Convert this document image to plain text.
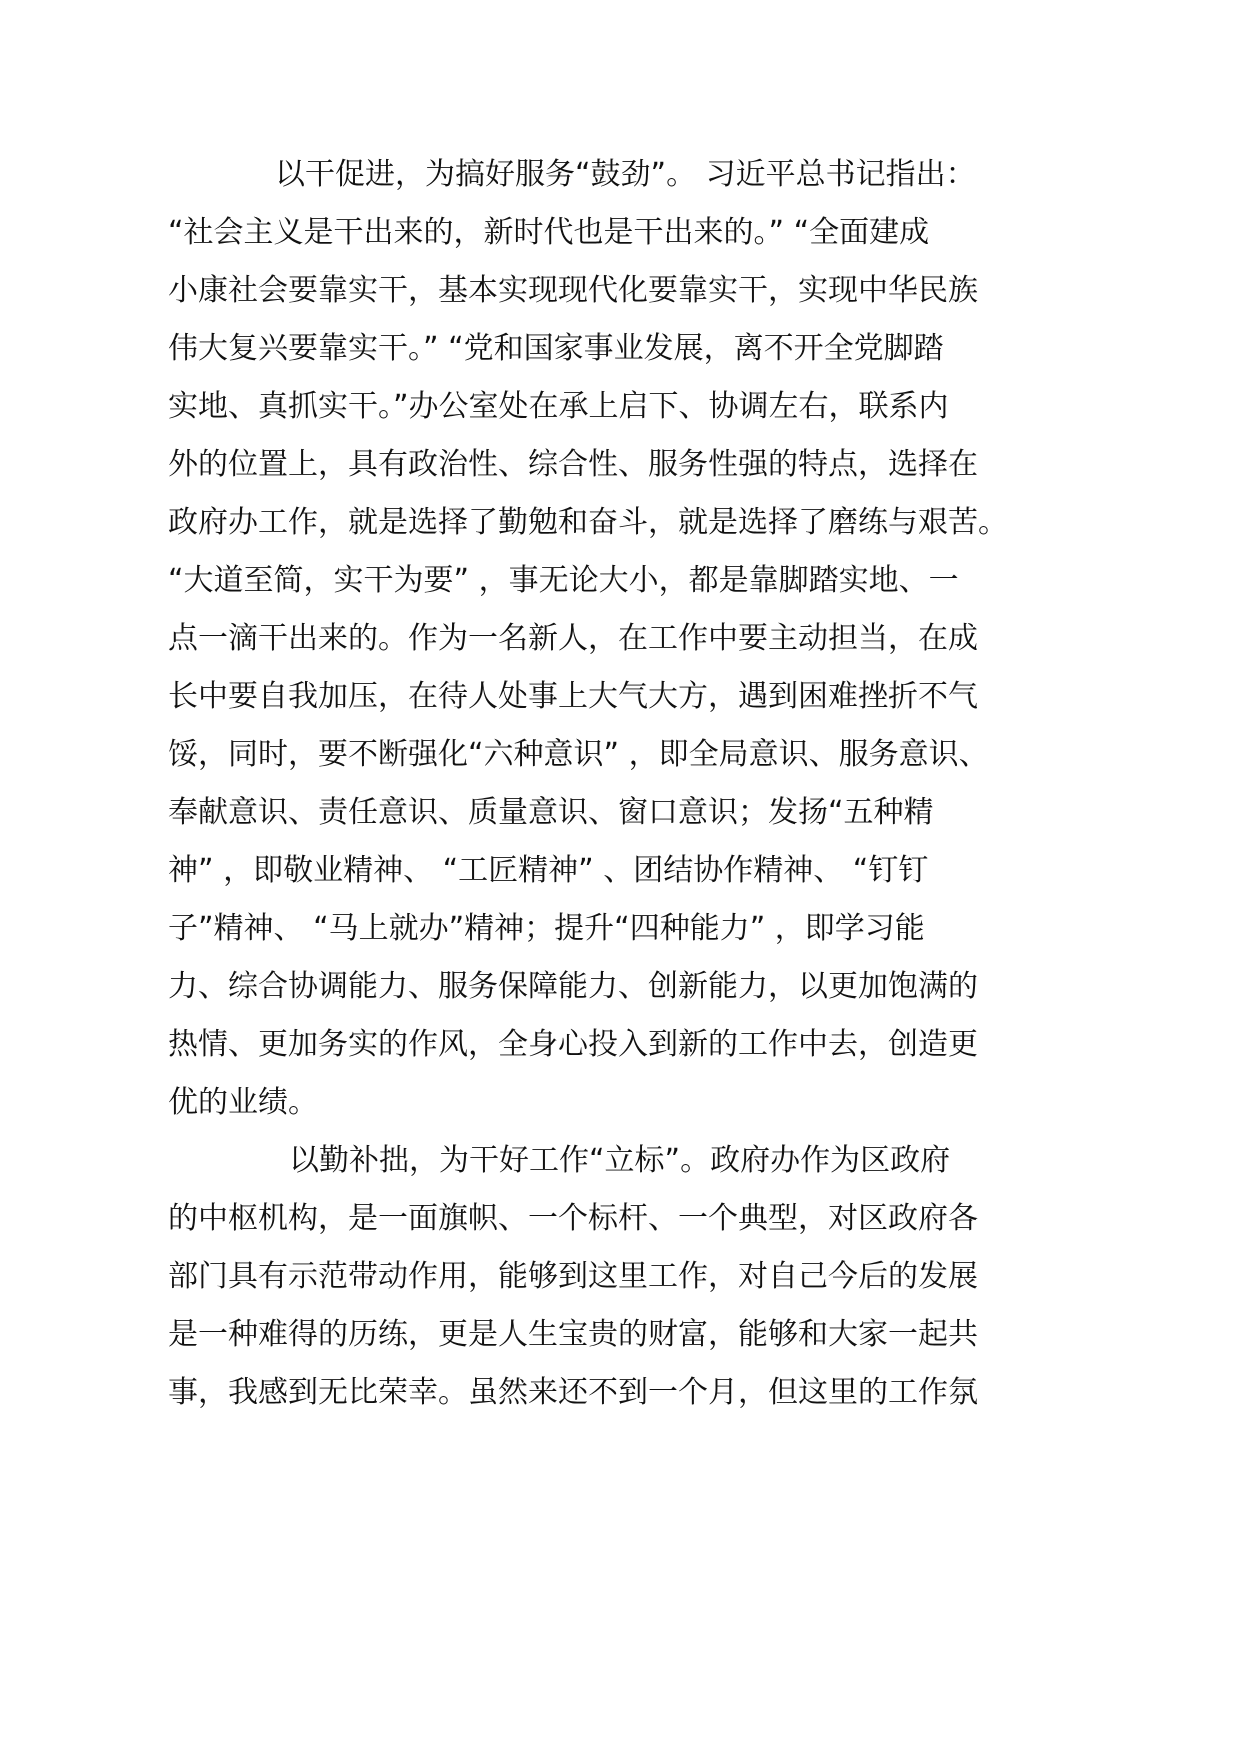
以干促进，为搞好服务“鼓劲”。 习近平总书记指出：
“社会主义是干出来的，新时代也是干出来的。” “全面建成
小康社会要靠实干，基本实现现代化要靠实干，实现中华民族
伟大复兴要靠实干。” “党和国家事业发展，离不开全党脚踏
实地、真抓实干。”办公室处在承上启下、协调左右，联系内
外的位置上，具有政治性、综合性、服务性强的特点，选择在
政府办工作，就是选择了勤勉和奋斗，就是选择了磨练与艰苦。
“大道至简，实干为要” ，事无论大小，都是靠脚踏实地、一
点一滴干出来的。作为一名新人，在工作中要主动担当，在成
长中要自我加压，在待人处事上大气大方，遇到困难挫折不气
馁，同时，要不断强化“六种意识” ，即全局意识、服务意识、
奉献意识、责任意识、质量意识、窗口意识；发扬“五种精
神” ，即敬业精神、 “工匠精神” 、团结协作精神、 “钉钉
子”精神、 “马上就办”精神；提升“四种能力” ，即学习能
力、综合协调能力、服务保障能力、创新能力，以更加饱满的
热情、更加务实的作风，全身心投入到新的工作中去，创造更
优的业绩。
以勤补拙，为干好工作“立标”。政府办作为区政府
的中枢机构，是一面旗帜、一个标杆、一个典型，对区政府各
部门具有示范带动作用，能够到这里工作，对自己今后的发展
是一种难得的历练，更是人生宝贵的财富，能够和大家一起共
事，我感到无比荣幸。虽然来还不到一个月，但这里的工作氛
